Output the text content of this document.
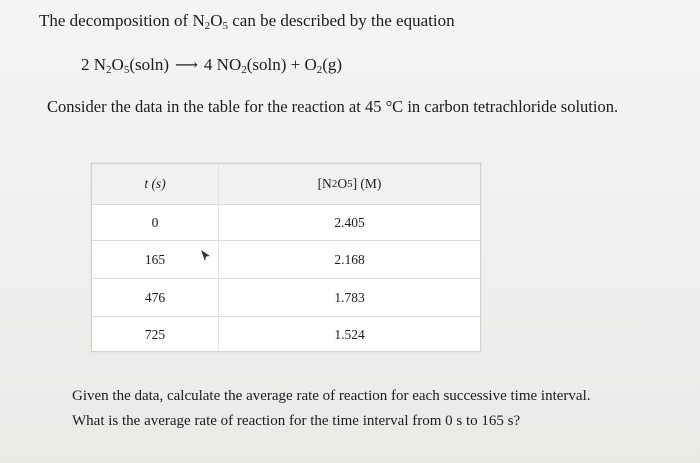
The decomposition of $N_2O_5$ can be described by the equation
2 $N_2O_5(soln)$ ⟶ 4 $NO_2(soln) + O_2(g)$
Consider the data in the table for the reaction at 45 °C in carbon tetrachloride solution.
t (s)	[N 2 O 5 ] (M)
0	2.405
165	2.168
476	1.783
725	1.524
Given the data, calculate the average rate of reaction for each successive time interval.
What is the average rate of reaction for the time interval from 0 s to 165 s?
